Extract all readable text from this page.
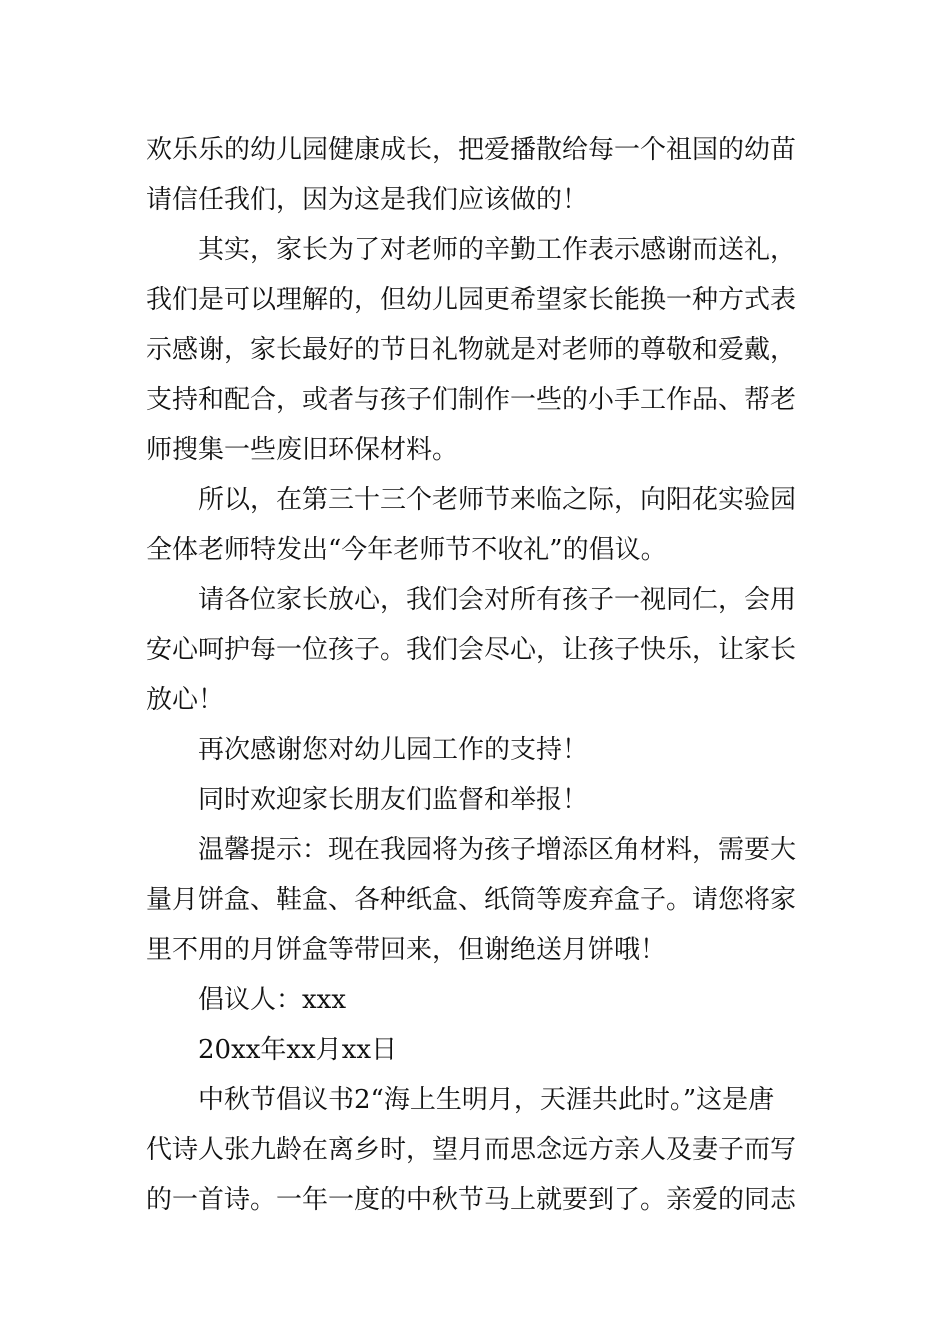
欢乐乐的幼儿园健康成长，把爱播散给每一个祖国的幼苗
请信任我们，因为这是我们应该做的！
其实，家长为了对老师的辛勤工作表示感谢而送礼，
我们是可以理解的，但幼儿园更希望家长能换一种方式表
示感谢，家长最好的节日礼物就是对老师的尊敬和爱戴，
支持和配合，或者与孩子们制作一些的小手工作品、帮老
师搜集一些废旧环保材料。
所以，在第三十三个老师节来临之际，向阳花实验园
全体老师特发出“今年老师节不收礼”的倡议。
请各位家长放心，我们会对所有孩子一视同仁，会用
安心呵护每一位孩子。我们会尽心，让孩子快乐，让家长
放心！
再次感谢您对幼儿园工作的支持！
同时欢迎家长朋友们监督和举报！
温馨提示：现在我园将为孩子增添区角材料，需要大
量月饼盒、鞋盒、各种纸盒、纸筒等废弃盒子。请您将家
里不用的月饼盒等带回来，但谢绝送月饼哦！
倡议人：xxx
20xx年xx月xx日
中秋节倡议书2“海上生明月，天涯共此时。”这是唐
代诗人张九龄在离乡时，望月而思念远方亲人及妻子而写
的一首诗。一年一度的中秋节马上就要到了。亲爱的同志
